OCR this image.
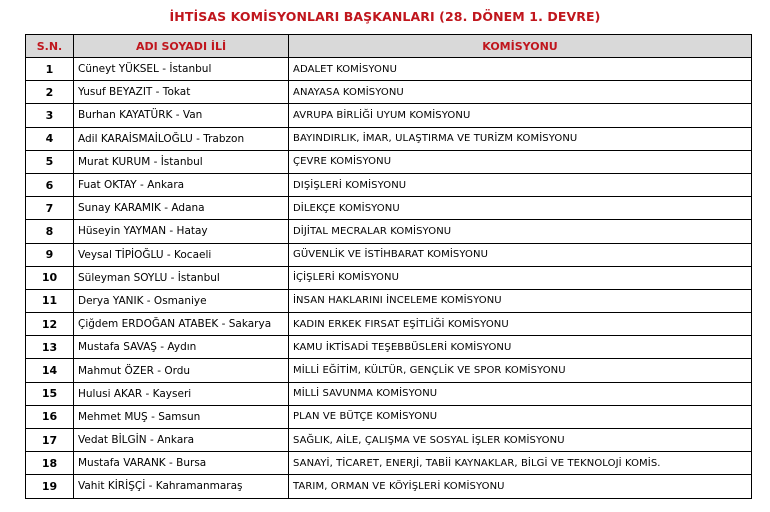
İHTİSAS KOMİSYONLARI BAŞKANLARI (28. DÖNEM 1. DEVRE)
S.N.	ADI SOYADI İLİ	KOMİSYONU
1	Cüneyt YÜKSEL - İstanbul	ADALET KOMİSYONU
2	Yusuf BEYAZIT - Tokat	ANAYASA KOMİSYONU
3	Burhan KAYATÜRK - Van	AVRUPA BİRLİĞİ UYUM KOMİSYONU
4	Adil KARAİSMAİLOĞLU - Trabzon	BAYINDIRLIK, İMAR, ULAŞTIRMA VE TURİZM KOMİSYONU
5	Murat KURUM - İstanbul	ÇEVRE KOMİSYONU
6	Fuat OKTAY - Ankara	DIŞİŞLERİ KOMİSYONU
7	Sunay KARAMIK - Adana	DİLEKÇE KOMİSYONU
8	Hüseyin YAYMAN - Hatay	DİJİTAL MECRALAR KOMİSYONU
9	Veysal TİPİOĞLU - Kocaeli	GÜVENLİK VE İSTİHBARAT KOMİSYONU
10	Süleyman SOYLU - İstanbul	İÇİŞLERİ KOMİSYONU
11	Derya YANIK - Osmaniye	İNSAN HAKLARINI İNCELEME KOMİSYONU
12	Çiğdem ERDOĞAN ATABEK - Sakarya	KADIN ERKEK FIRSAT EŞİTLİĞİ KOMİSYONU
13	Mustafa SAVAŞ - Aydın	KAMU İKTİSADİ TEŞEBBÜSLERİ KOMİSYONU
14	Mahmut ÖZER - Ordu	MİLLİ EĞİTİM, KÜLTÜR, GENÇLİK VE SPOR KOMİSYONU
15	Hulusi AKAR - Kayseri	MİLLİ SAVUNMA KOMİSYONU
16	Mehmet MUŞ - Samsun	PLAN VE BÜTÇE KOMİSYONU
17	Vedat BİLGİN - Ankara	SAĞLIK, AİLE, ÇALIŞMA VE SOSYAL İŞLER KOMİSYONU
18	Mustafa VARANK - Bursa	SANAYİ, TİCARET, ENERJİ, TABİİ KAYNAKLAR, BİLGİ VE TEKNOLOJİ KOMİS.
19	Vahit KİRİŞÇİ - Kahramanmaraş	TARIM, ORMAN VE KÖYİŞLERİ KOMİSYONU
